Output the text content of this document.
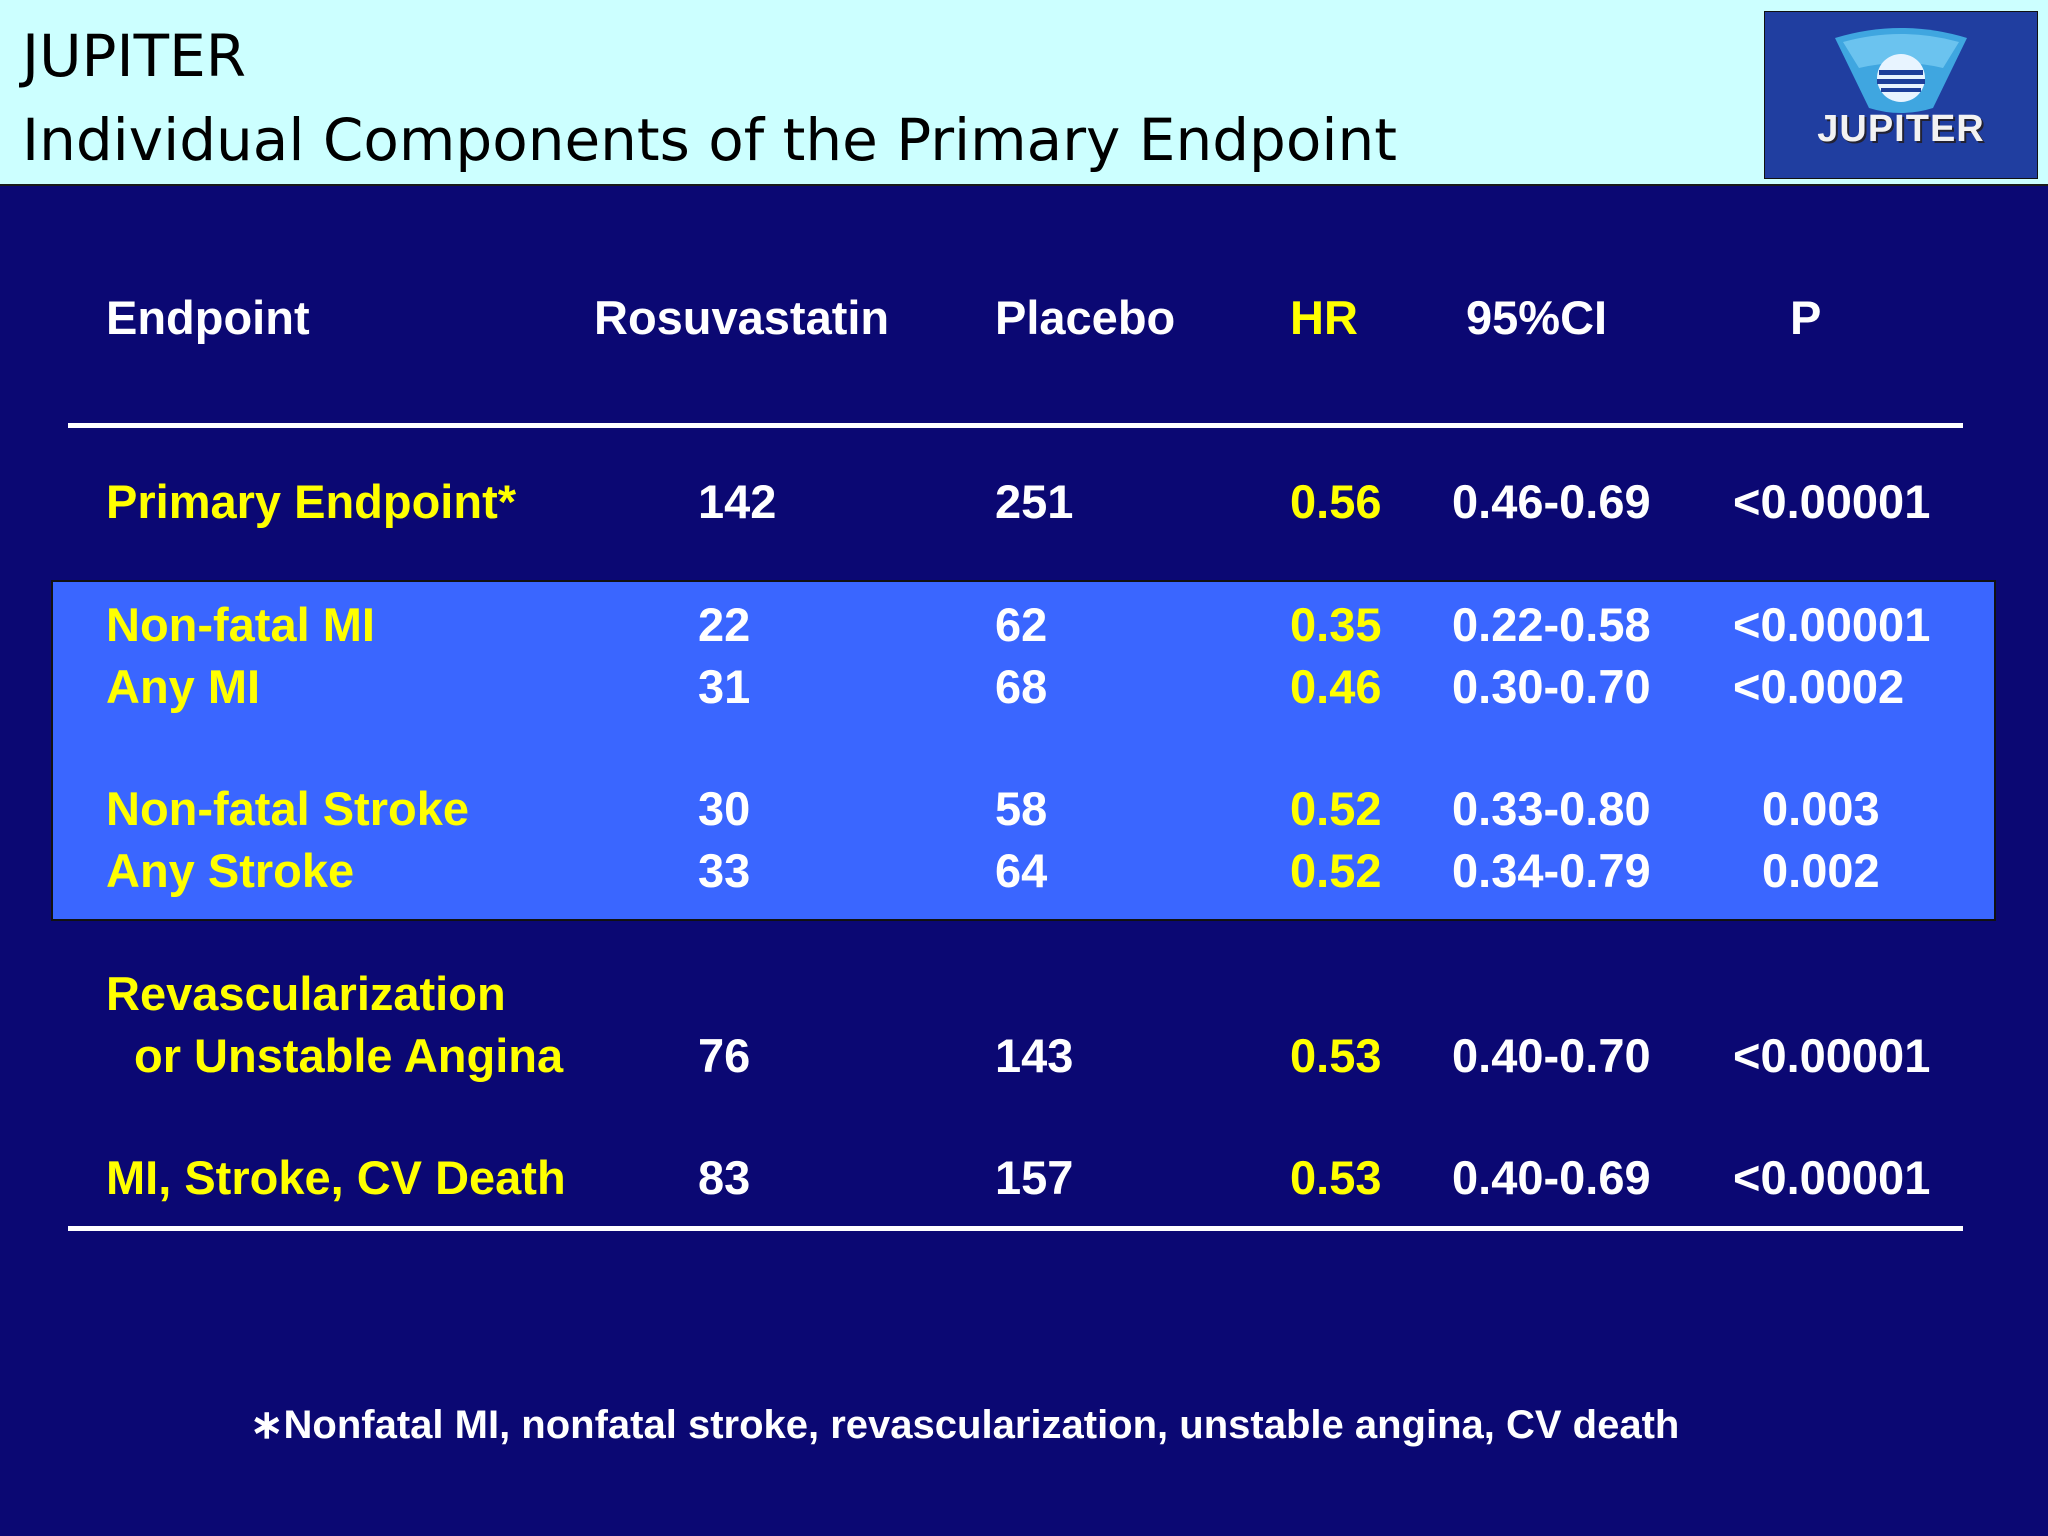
JUPITER
Individual Components of the Primary Endpoint	JUPITER
Endpoint	Rosuvastatin Placebo HR 95%CI	P
Primary Endpoint*	142	251	0.56 0.46-0.69 <0.00001
Non-fatal MI	22	62	0.35 0.22-0.58 <0.00001
Any MI	31	68	0.46 0.30-0.70 <0.0002
Non-fatal Stroke	30	58	0.52 0.33-0.80 0.003
Any Stroke	33	64	0.52 0.34-0.79 0.002
Revascularization
or Unstable Angina	76	143	0.53 0.40-0.70 <0.00001
MI, Stroke, CV Death	83	157	0.53 0.40-0.69 <0.00001
∗Nonfatal MI, nonfatal stroke, revascularization, unstable angina, CV death
